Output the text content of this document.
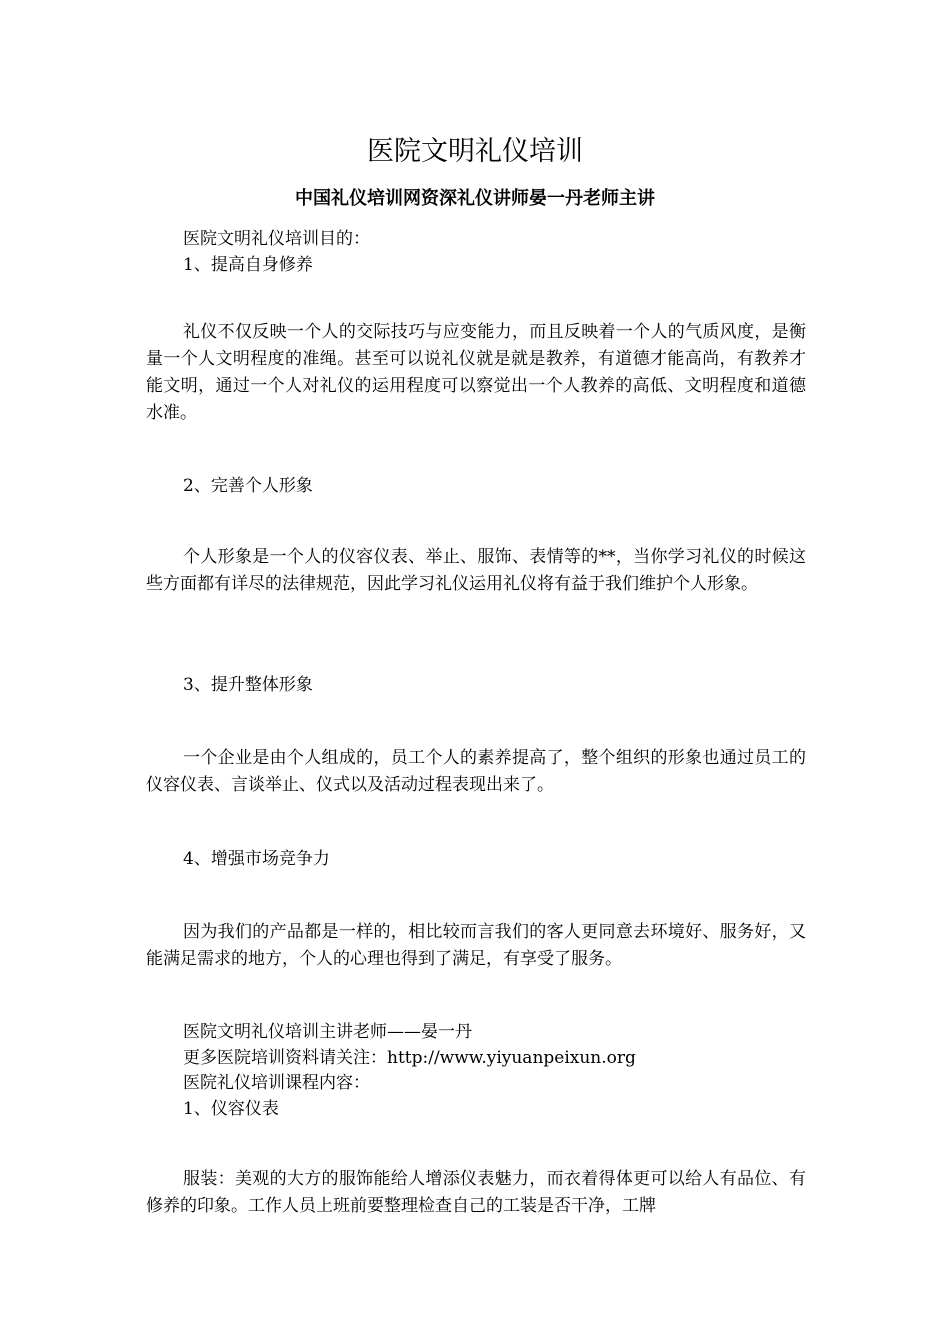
医院文明礼仪培训
中国礼仪培训网资深礼仪讲师晏一丹老师主讲

医院文明礼仪培训目的：

1、提高自身修养

礼仪不仅反映一个人的交际技巧与应变能力，而且反映着一个人的气质风度，是衡量一个人文明程度的准绳。甚至可以说礼仪就是就是教养，有道德才能高尚，有教养才能文明，通过一个人对礼仪的运用程度可以察觉出一个人教养的高低、文明程度和道德水准。

2、完善个人形象

个人形象是一个人的仪容仪表、举止、服饰、表情等的**，当你学习礼仪的时候这些方面都有详尽的法律规范，因此学习礼仪运用礼仪将有益于我们维护个人形象。

3、提升整体形象

一个企业是由个人组成的，员工个人的素养提高了，整个组织的形象也通过员工的仪容仪表、言谈举止、仪式以及活动过程表现出来了。

4、增强市场竞争力

因为我们的产品都是一样的，相比较而言我们的客人更同意去环境好、服务好，又能满足需求的地方，个人的心理也得到了满足，有享受了服务。

医院文明礼仪培训主讲老师——晏一丹

更多医院培训资料请关注：http://www.yiyuanpeixun.org

医院礼仪培训课程内容：

1、仪容仪表

服装：美观的大方的服饰能给人增添仪表魅力，而衣着得体更可以给人有品位、有修养的印象。工作人员上班前要整理检查自己的工装是否干净，工牌
